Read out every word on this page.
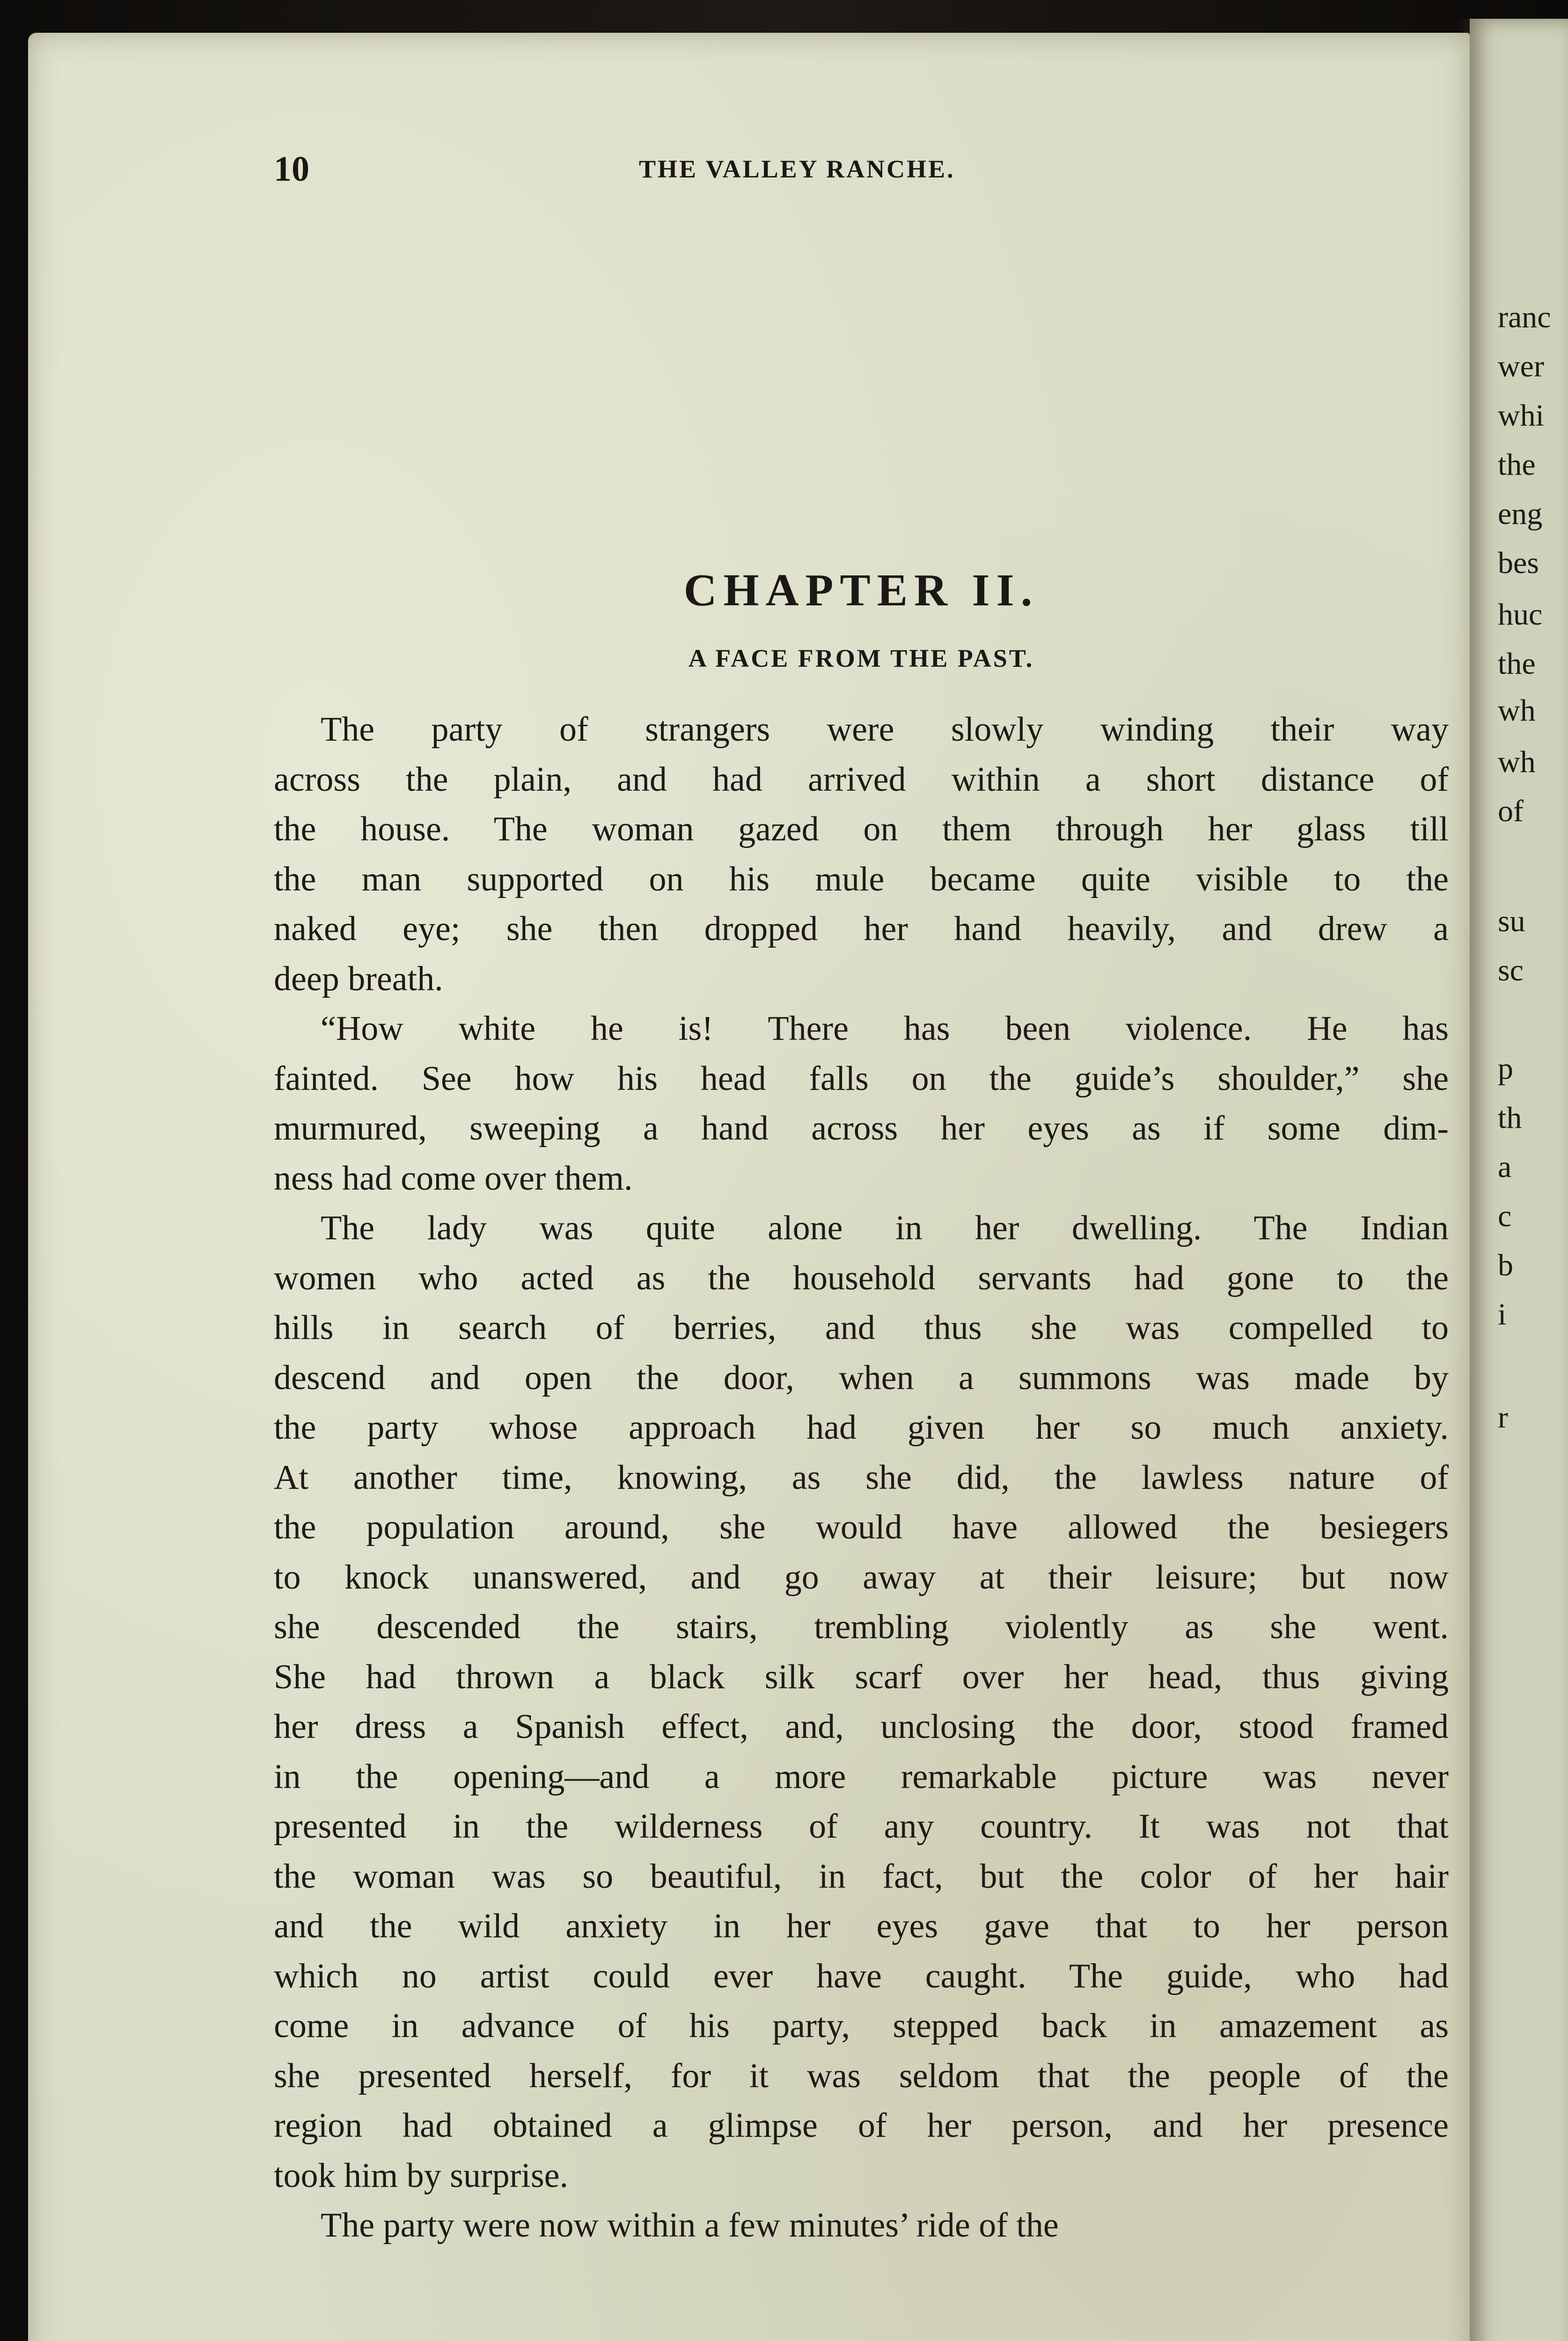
ranc
wer
whi
the
eng
bes
huc
the
wh
wh
of
su
sc
p
th
a
c
b
i
r
10	THE VALLEY RANCHE.
CHAPTER II.
A FACE FROM THE PAST.
The party of strangers were slowly winding their way
across the plain, and had arrived within a short distance of
the house. The woman gazed on them through her glass till
the man supported on his mule became quite visible to the
naked eye; she then dropped her hand heavily, and drew a
deep breath.
“How white he is! There has been violence. He has
fainted. See how his head falls on the guide’s shoulder,” she
murmured, sweeping a hand across her eyes as if some dim-
ness had come over them.
The lady was quite alone in her dwelling. The Indian
women who acted as the household servants had gone to the
hills in search of berries, and thus she was compelled to
descend and open the door, when a summons was made by
the party whose approach had given her so much anxiety.
At another time, knowing, as she did, the lawless nature of
the population around, she would have allowed the besiegers
to knock unanswered, and go away at their leisure; but now
she descended the stairs, trembling violently as she went.
She had thrown a black silk scarf over her head, thus giving
her dress a Spanish effect, and, unclosing the door, stood framed
in the opening—and a more remarkable picture was never
presented in the wilderness of any country. It was not that
the woman was so beautiful, in fact, but the color of her hair
and the wild anxiety in her eyes gave that to her person
which no artist could ever have caught. The guide, who had
come in advance of his party, stepped back in amazement as
she presented herself, for it was seldom that the people of the
region had obtained a glimpse of her person, and her presence
took him by surprise.
The party were now within a few minutes’ ride of the
